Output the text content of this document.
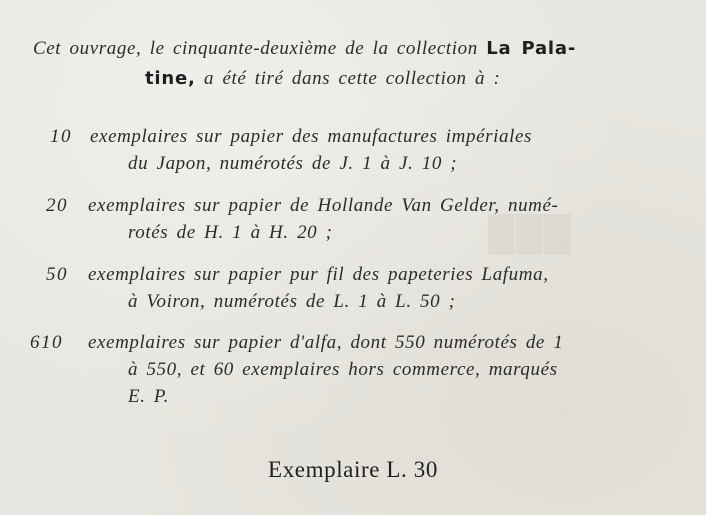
███
Cet ouvrage, le cinquante-deuxième de la collection La Pala-
tine, a été tiré dans cette collection à :
10 exemplaires sur papier des manufactures impériales
du Japon, numérotés de J. 1 à J. 10 ;
20 exemplaires sur papier de Hollande Van Gelder, numé-
rotés de H. 1 à H. 20 ;
50 exemplaires sur papier pur fil des papeteries Lafuma,
à Voiron, numérotés de L. 1 à L. 50 ;
610 exemplaires sur papier d'alfa, dont 550 numérotés de 1
à 550, et 60 exemplaires hors commerce, marqués
E. P.
Exemplaire L. 30
